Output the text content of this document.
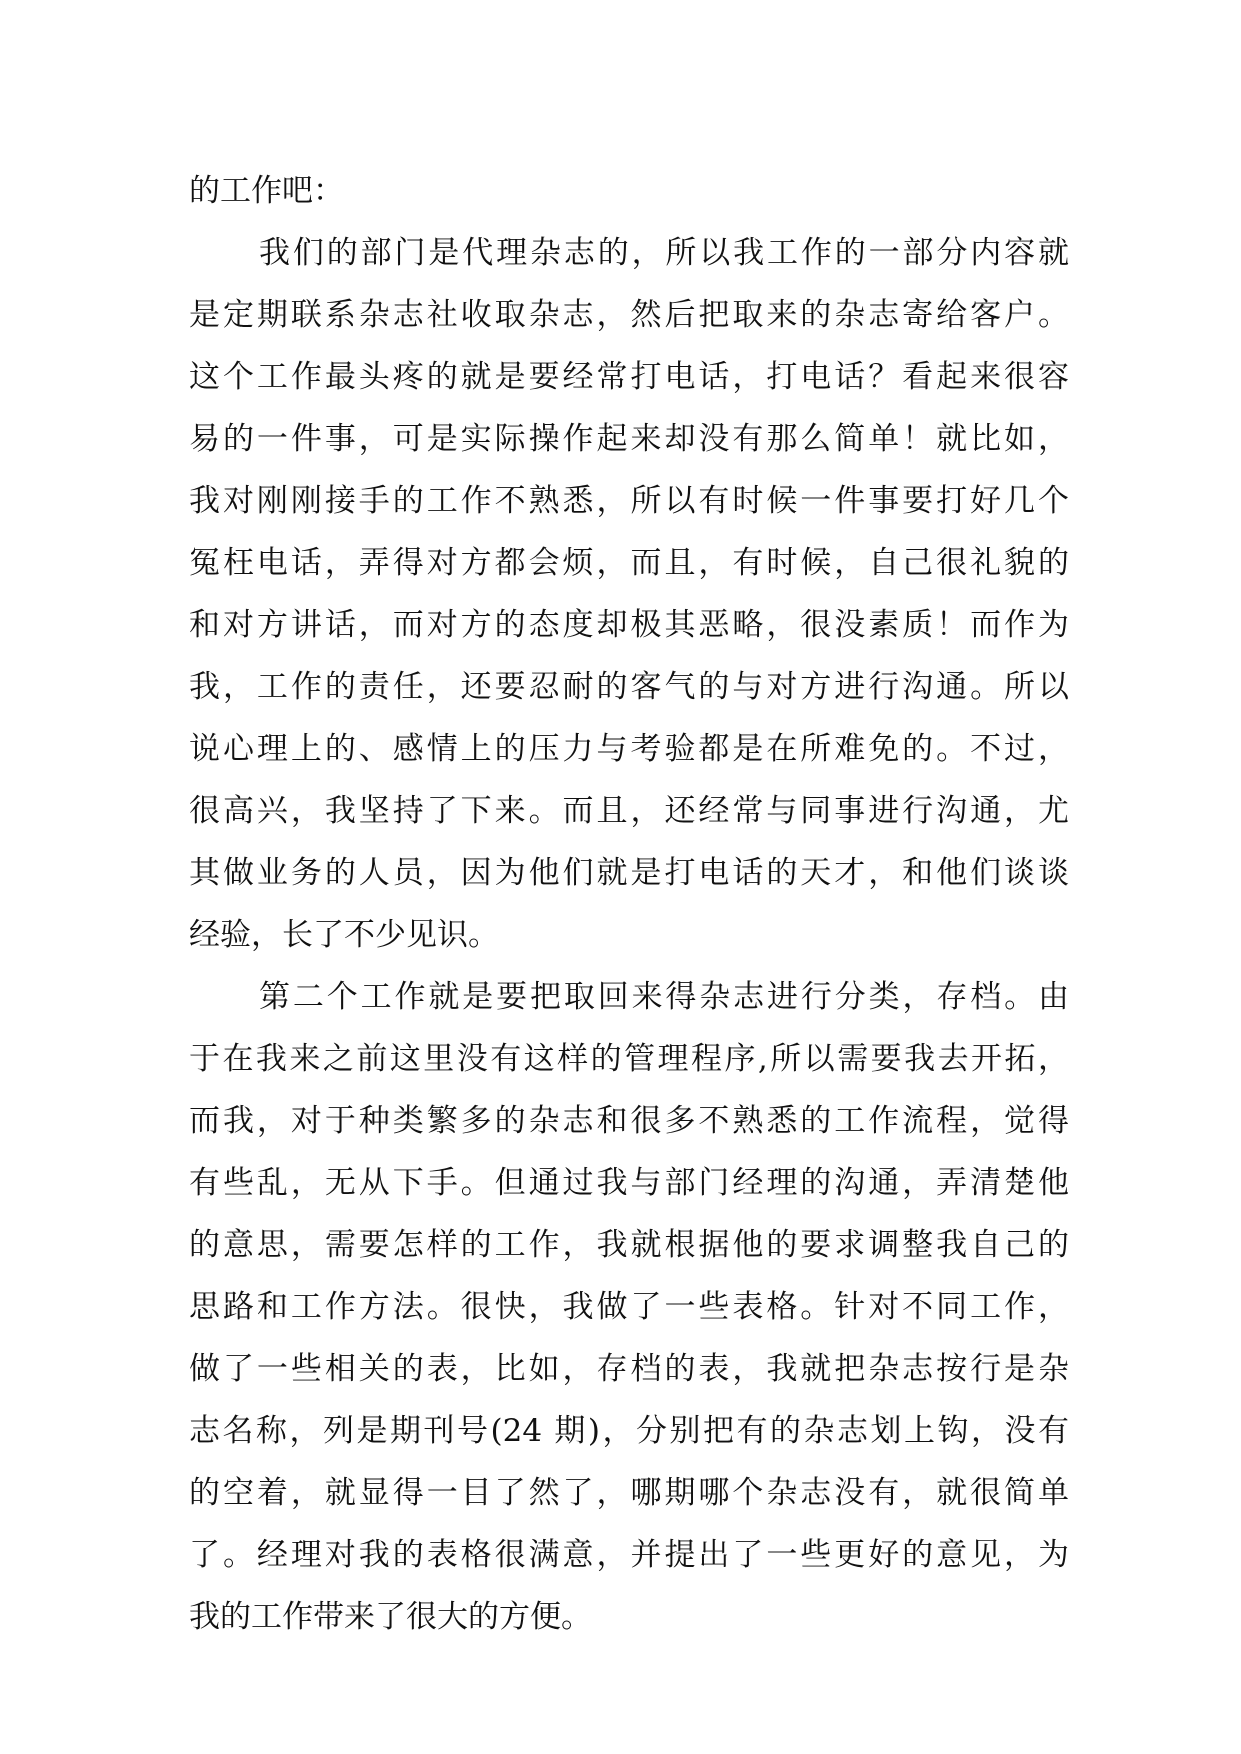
的工作吧：
我们的部门是代理杂志的，所以我工作的一部分内容就
是定期联系杂志社收取杂志，然后把取来的杂志寄给客户。
这个工作最头疼的就是要经常打电话，打电话？看起来很容
易的一件事，可是实际操作起来却没有那么简单！就比如，
我对刚刚接手的工作不熟悉，所以有时候一件事要打好几个
冤枉电话，弄得对方都会烦，而且，有时候，自己很礼貌的
和对方讲话，而对方的态度却极其恶略，很没素质！而作为
我，工作的责任，还要忍耐的客气的与对方进行沟通。所以
说心理上的、感情上的压力与考验都是在所难免的。不过，
很高兴，我坚持了下来。而且，还经常与同事进行沟通，尤
其做业务的人员，因为他们就是打电话的天才，和他们谈谈
经验，长了不少见识。
第二个工作就是要把取回来得杂志进行分类，存档。由
于在我来之前这里没有这样的管理程序,所以需要我去开拓，
而我，对于种类繁多的杂志和很多不熟悉的工作流程，觉得
有些乱，无从下手。但通过我与部门经理的沟通，弄清楚他
的意思，需要怎样的工作，我就根据他的要求调整我自己的
思路和工作方法。很快，我做了一些表格。针对不同工作，
做了一些相关的表，比如，存档的表，我就把杂志按行是杂
志名称，列是期刊号(24 期)，分别把有的杂志划上钩，没有
的空着，就显得一目了然了，哪期哪个杂志没有，就很简单
了。经理对我的表格很满意，并提出了一些更好的意见，为
我的工作带来了很大的方便。
